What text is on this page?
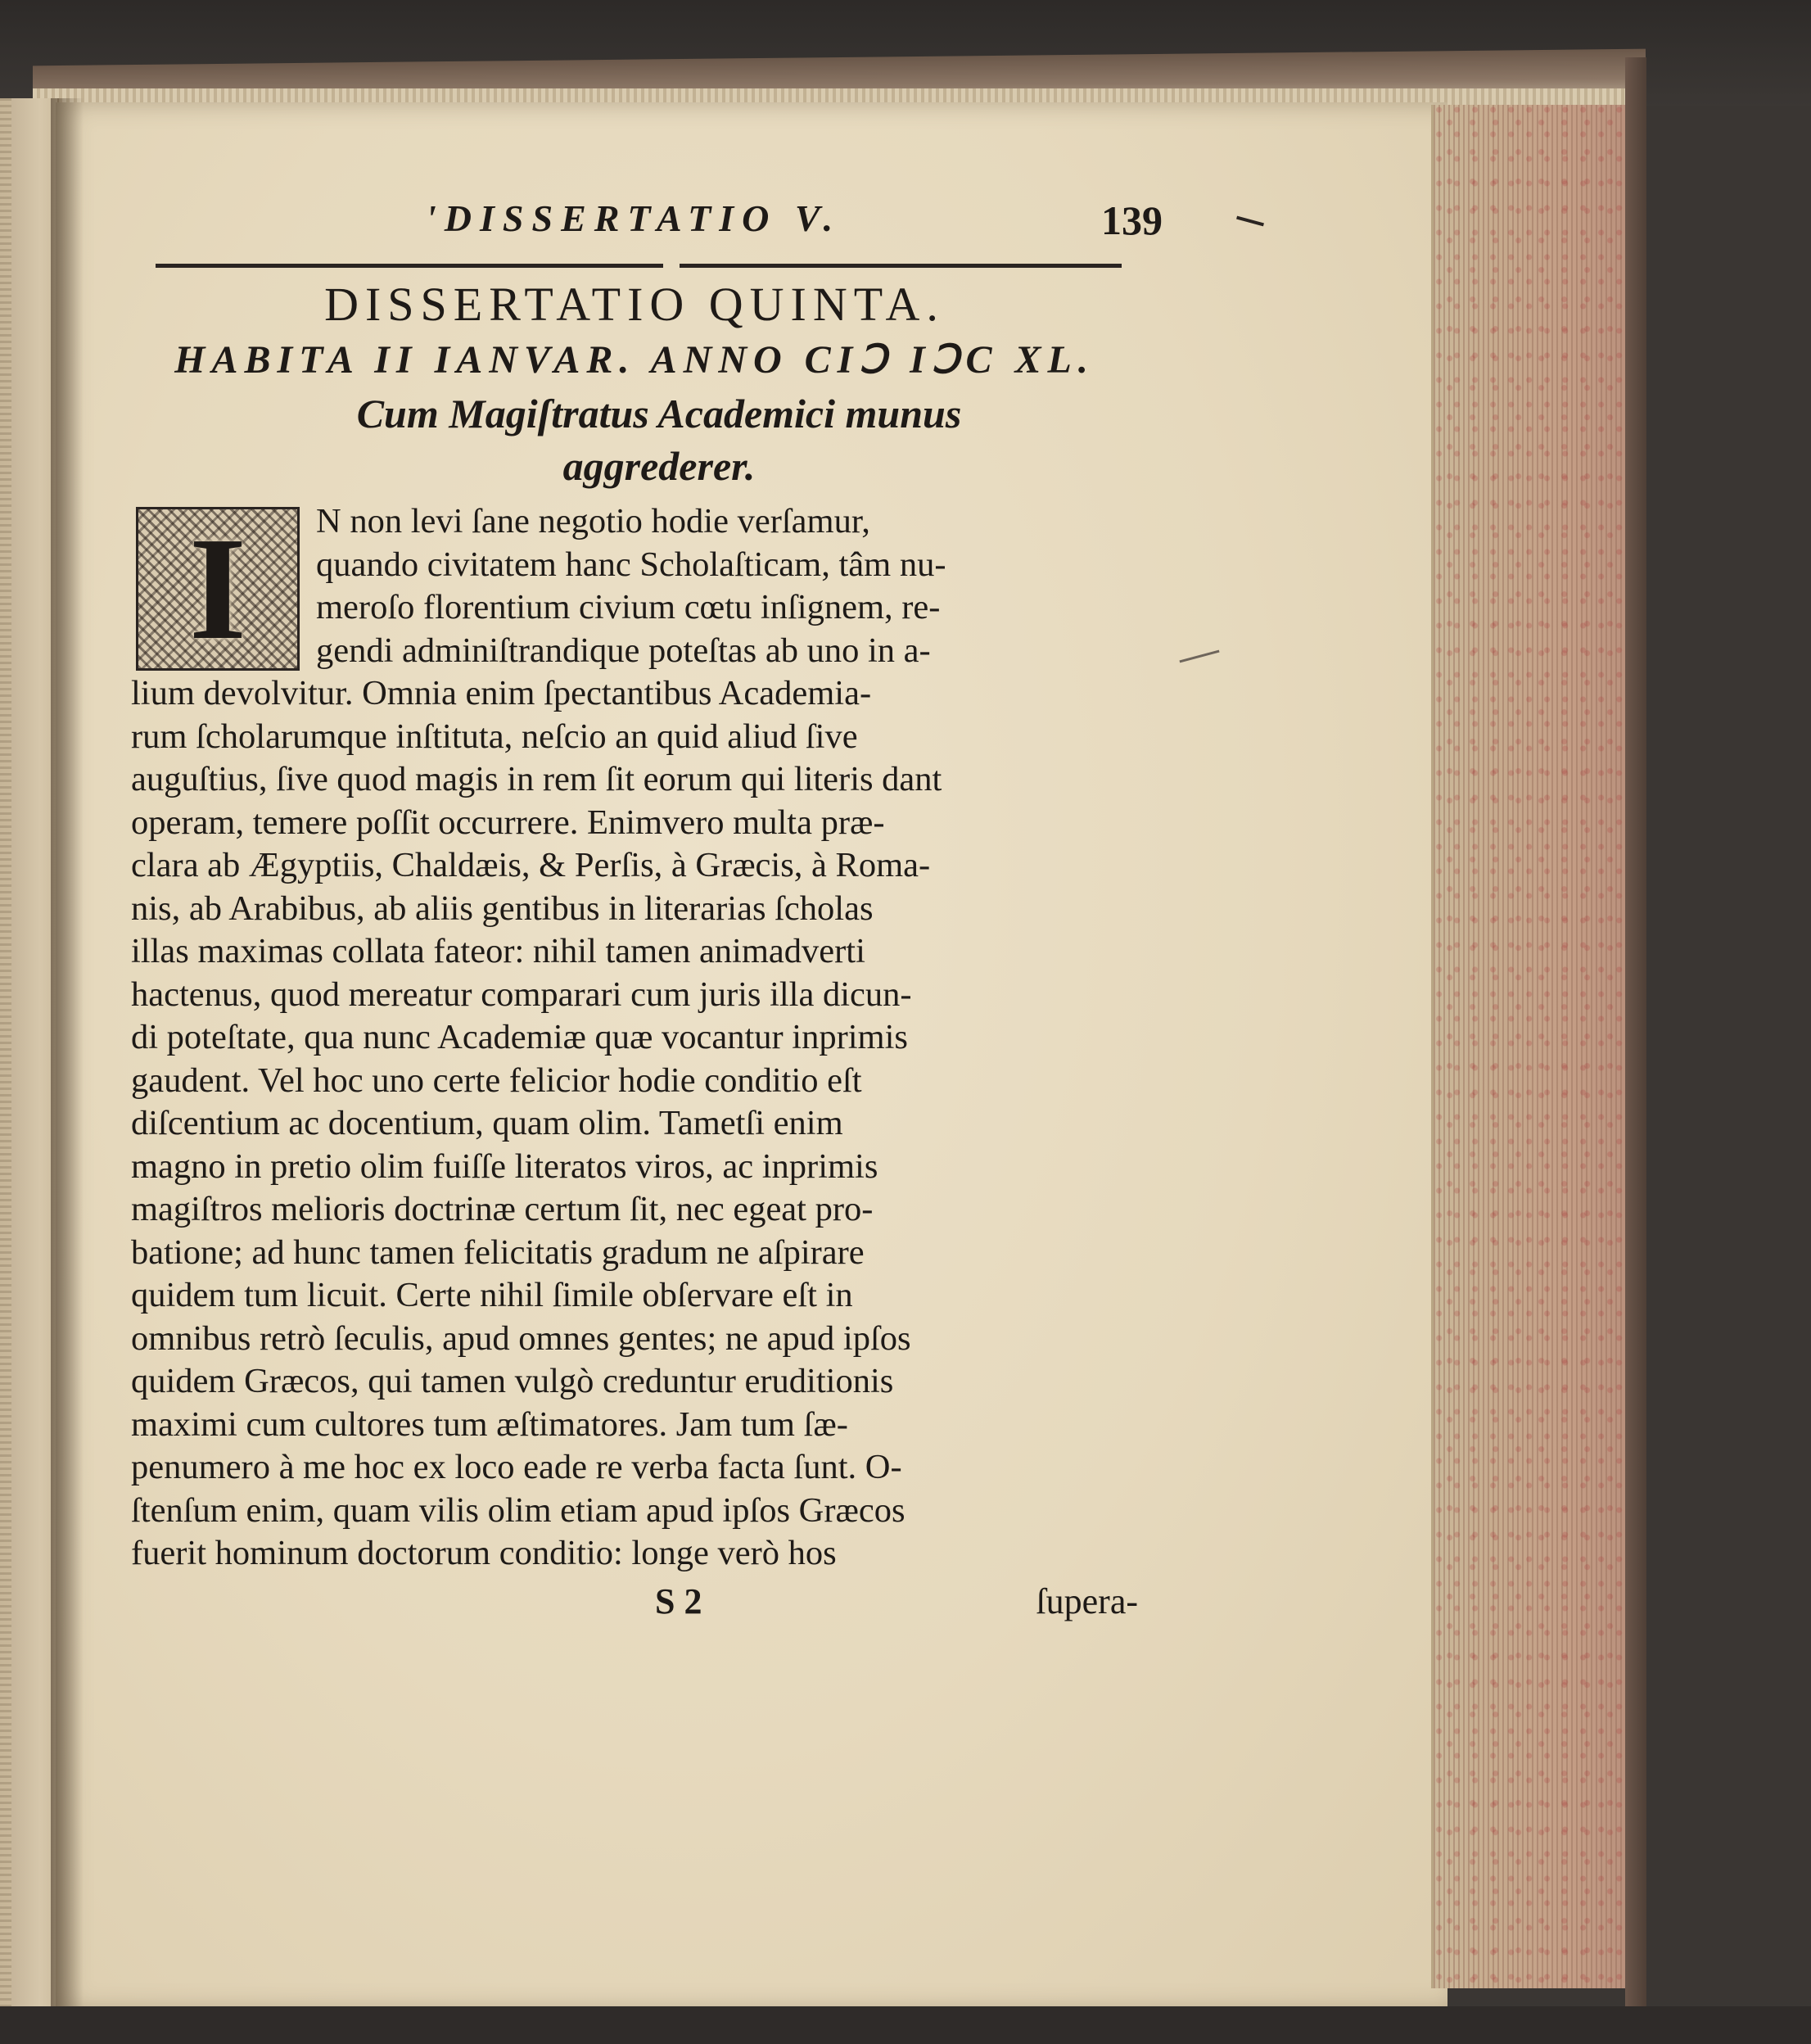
'DISSERTATIO V.	139
DISSERTATIO QUINTA.
HABITA II IANVAR. ANNO CIↃ IↃC XL.
Cum Magiſtratus Academici munus
aggrederer.
I	N non levi ſane negotio hodie verſamur,
quando civitatem hanc Scholaſticam, tâm nu-
meroſo florentium civium cœtu inſignem, re-
gendi adminiſtrandique poteſtas ab uno in a-
lium devolvitur. Omnia enim ſpectantibus Academia-
rum ſcholarumque inſtituta, neſcio an quid aliud ſive
auguſtius, ſive quod magis in rem ſit eorum qui literis dant
operam, temere poſſit occurrere. Enimvero multa præ-
clara ab Ægyptiis, Chaldæis, & Perſis, à Græcis, à Roma-
nis, ab Arabibus, ab aliis gentibus in literarias ſcholas
illas maximas collata fateor: nihil tamen animadverti
hactenus, quod mereatur comparari cum juris illa dicun-
di poteſtate, qua nunc Academiæ quæ vocantur inprimis
gaudent. Vel hoc uno certe felicior hodie conditio eſt
diſcentium ac docentium, quam olim. Tametſi enim
magno in pretio olim fuiſſe literatos viros, ac inprimis
magiſtros melioris doctrinæ certum ſit, nec egeat pro-
batione; ad hunc tamen felicitatis gradum ne aſpirare
quidem tum licuit. Certe nihil ſimile obſervare eſt in
omnibus retrò ſeculis, apud omnes gentes; ne apud ipſos
quidem Græcos, qui tamen vulgò creduntur eruditionis
maximi cum cultores tum æſtimatores. Jam tum ſæ-
penumero à me hoc ex loco eade re verba facta ſunt. O-
ſtenſum enim, quam vilis olim etiam apud ipſos Græcos
fuerit hominum doctorum conditio: longe verò hos
S 2	ſupera-
